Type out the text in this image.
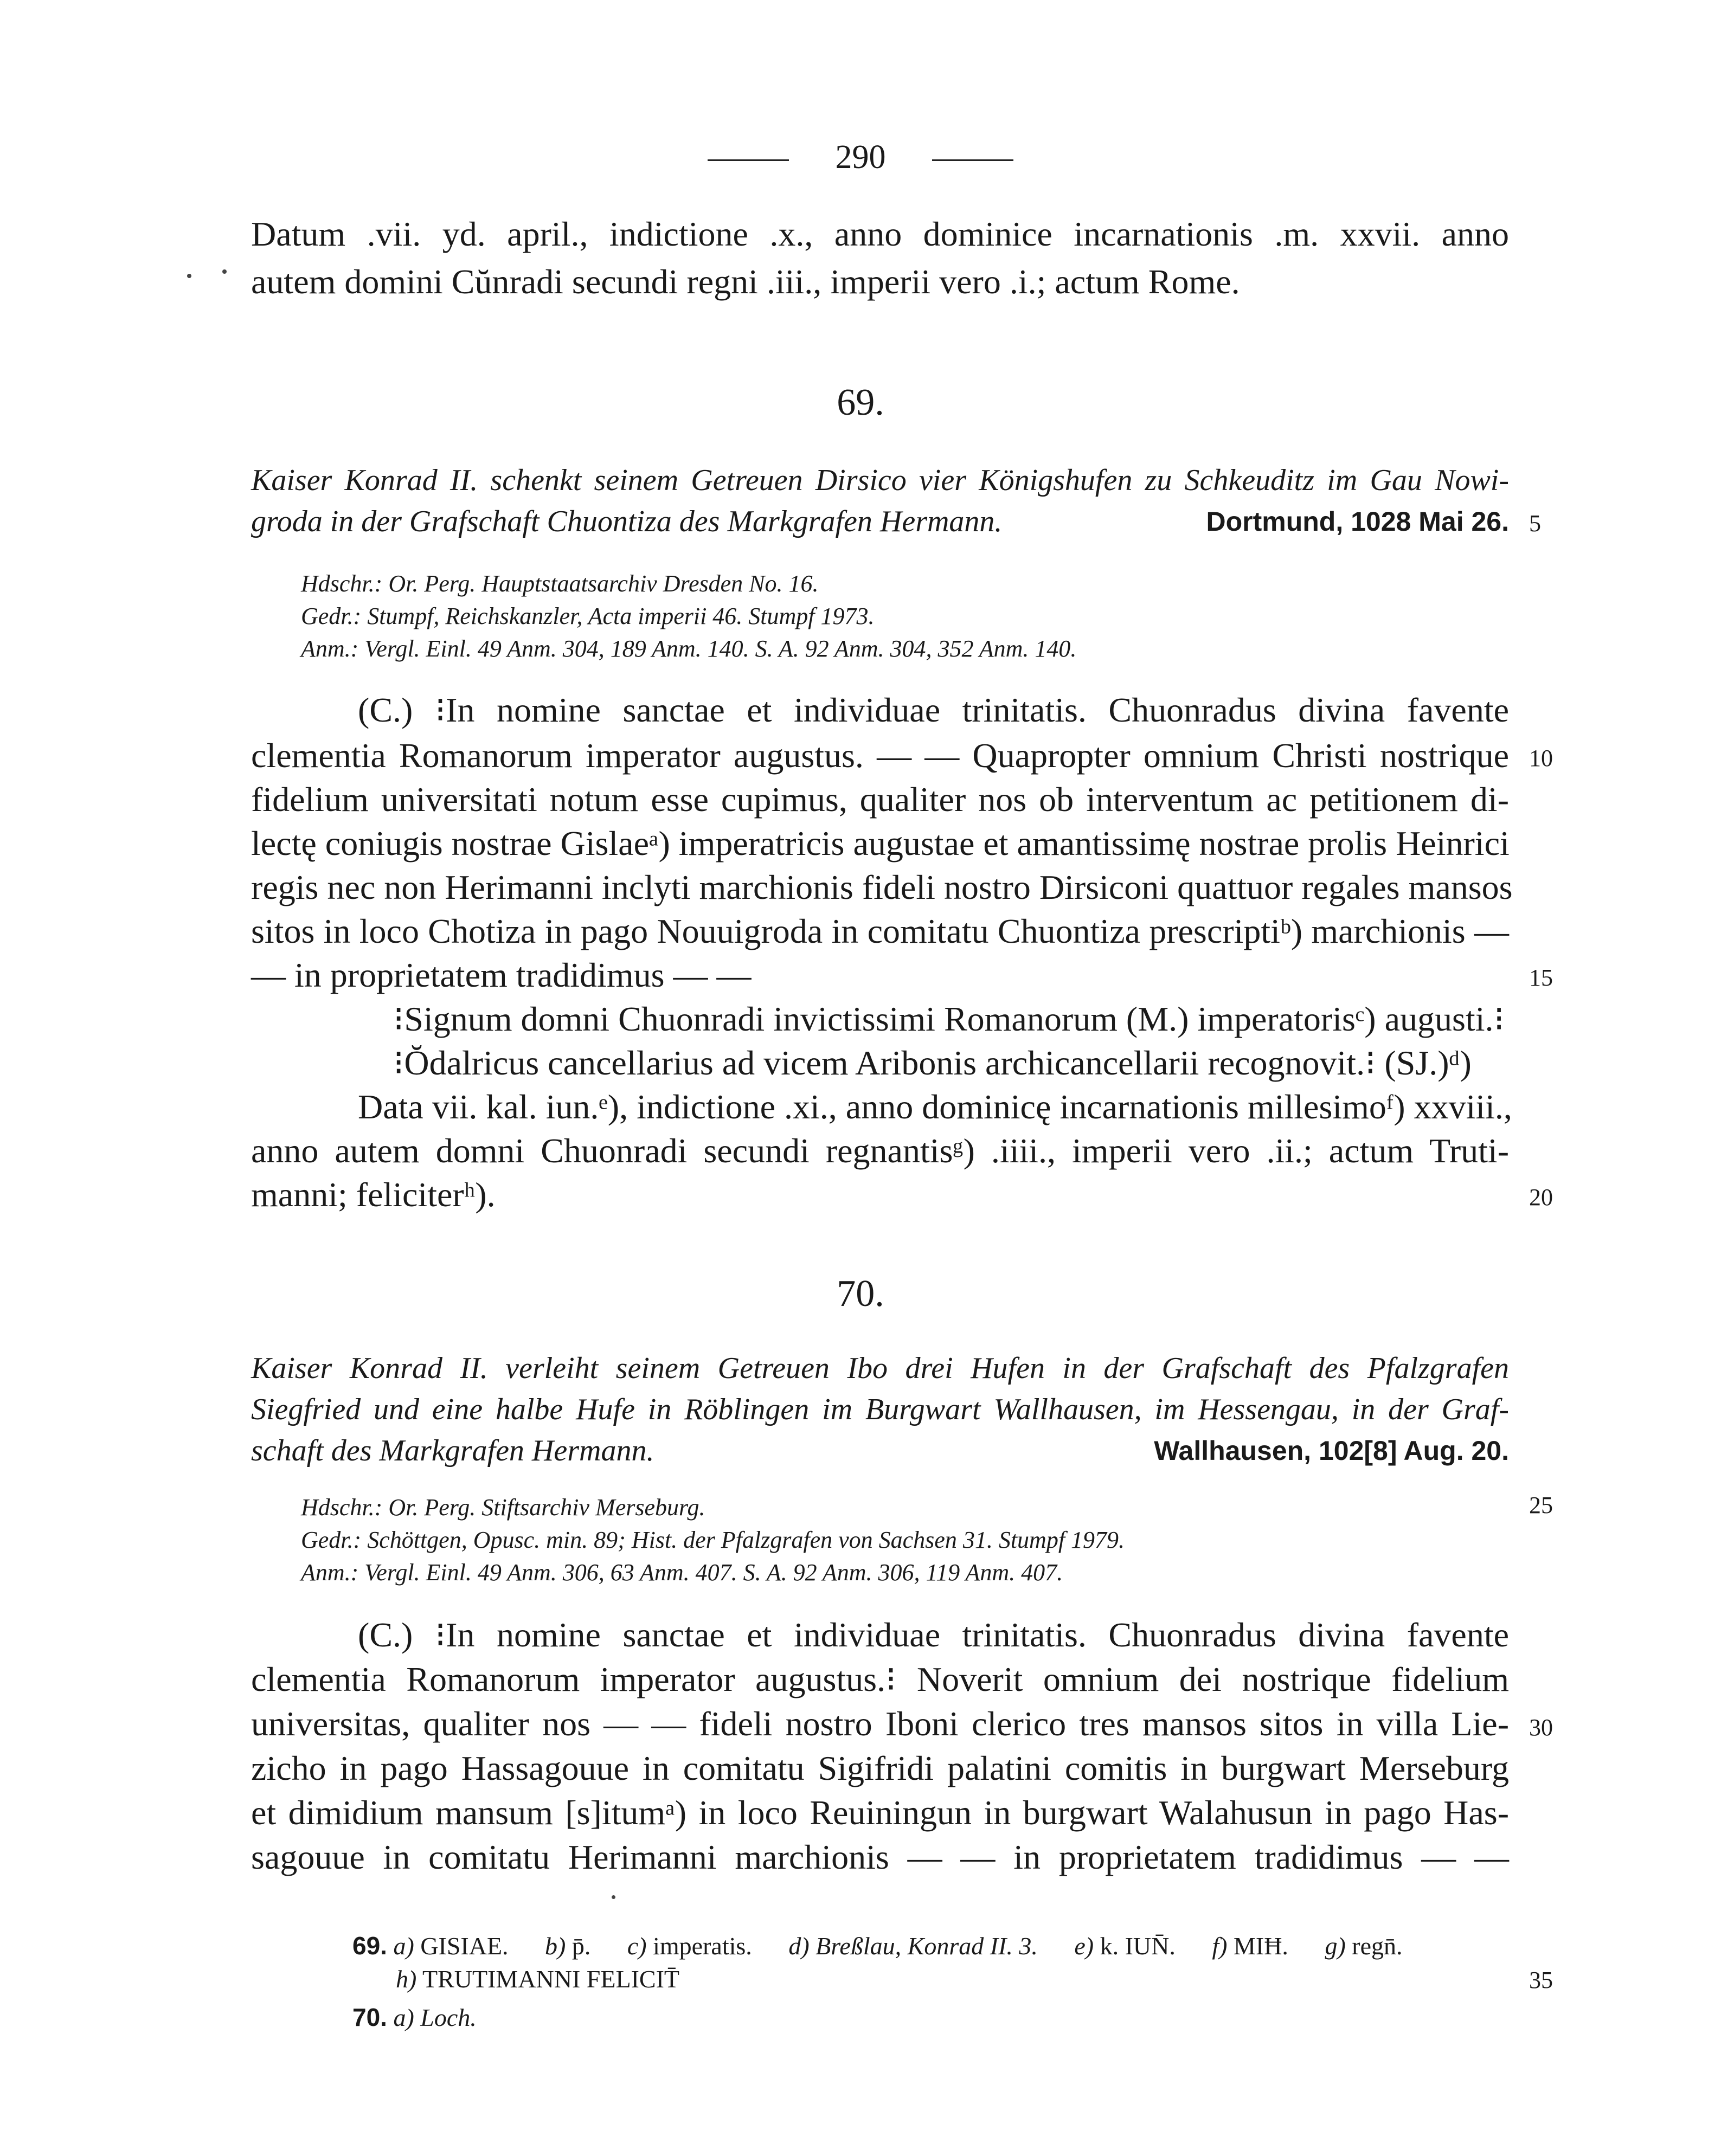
290
Datum .vii. yd. april., indictione .x., anno dominice incarnationis .m. xxvii. anno
autem domini Cŭnradi secundi regni .iii., imperii vero .i.; actum Rome.
69.
Kaiser Konrad II. schenkt seinem Getreuen Dirsico vier Königshufen zu Schkeuditz im Gau Nowi-
groda in der Grafschaft Chuontiza des Markgrafen Hermann.	Dortmund, 1028 Mai 26. 5
Hdschr.: Or. Perg. Hauptstaatsarchiv Dresden No. 16.
Gedr.: Stumpf, Reichskanzler, Acta imperii 46. Stumpf 1973.
Anm.: Vergl. Einl. 49 Anm. 304, 189 Anm. 140. S. A. 92 Anm. 304, 352 Anm. 140.
(C.) ⁝In nomine sanctae et individuae trinitatis. Chuonradus divina favente
clementia Romanorum imperator augustus. — — Quapropter omnium Christi nostrique 10
fidelium universitati notum esse cupimus, qualiter nos ob interventum ac petitionem di-
lectę coniugis nostrae Gislaeᵃ) imperatricis augustae et amantissimę nostrae prolis Heinrici
regis nec non Herimanni inclyti marchionis fideli nostro Dirsiconi quattuor regales mansos
sitos in loco Chotiza in pago Nouuigroda in comitatu Chuontiza prescriptiᵇ) marchionis —
— in proprietatem tradidimus — —	15
⁝Signum domni Chuonradi invictissimi Romanorum (M.) imperatorisᶜ) augusti.⁝
⁝Ŏdalricus cancellarius ad vicem Aribonis archicancellarii recognovit.⁝ (SJ.)ᵈ)
Data vii. kal. iun.ᵉ), indictione .xi., anno dominicę incarnationis millesimoᶠ) xxviii.,
anno autem domni Chuonradi secundi regnantisᵍ) .iiii., imperii vero .ii.; actum Truti-
manni; feliciterʰ).	20
70.
Kaiser Konrad II. verleiht seinem Getreuen Ibo drei Hufen in der Grafschaft des Pfalzgrafen
Siegfried und eine halbe Hufe in Röblingen im Burgwart Wallhausen, im Hessengau, in der Graf-
schaft des Markgrafen Hermann.	Wallhausen, 102[8] Aug. 20.
Hdschr.: Or. Perg. Stiftsarchiv Merseburg.	25
Gedr.: Schöttgen, Opusc. min. 89; Hist. der Pfalzgrafen von Sachsen 31. Stumpf 1979.
Anm.: Vergl. Einl. 49 Anm. 306, 63 Anm. 407. S. A. 92 Anm. 306, 119 Anm. 407.
(C.) ⁝In nomine sanctae et individuae trinitatis. Chuonradus divina favente
clementia Romanorum imperator augustus.⁝ Noverit omnium dei nostrique fidelium
universitas, qualiter nos — — fideli nostro Iboni clerico tres mansos sitos in villa Lie- 30
zicho in pago Hassagouue in comitatu Sigifridi palatini comitis in burgwart Merseburg
et dimidium mansum [s]itumᵃ) in loco Reuiningun in burgwart Walahusun in pago Has-
sagouue in comitatu Herimanni marchionis — — in proprietatem tradidimus — —
69. a) GISIAE. b) p̄. c) imperatis. d) Breßlau, Konrad II. 3. e) k. IUN̄. f) MIĦ. g) regn̄.
h) TRUTIMANNI FELICIT̄	35
70. a) Loch.
